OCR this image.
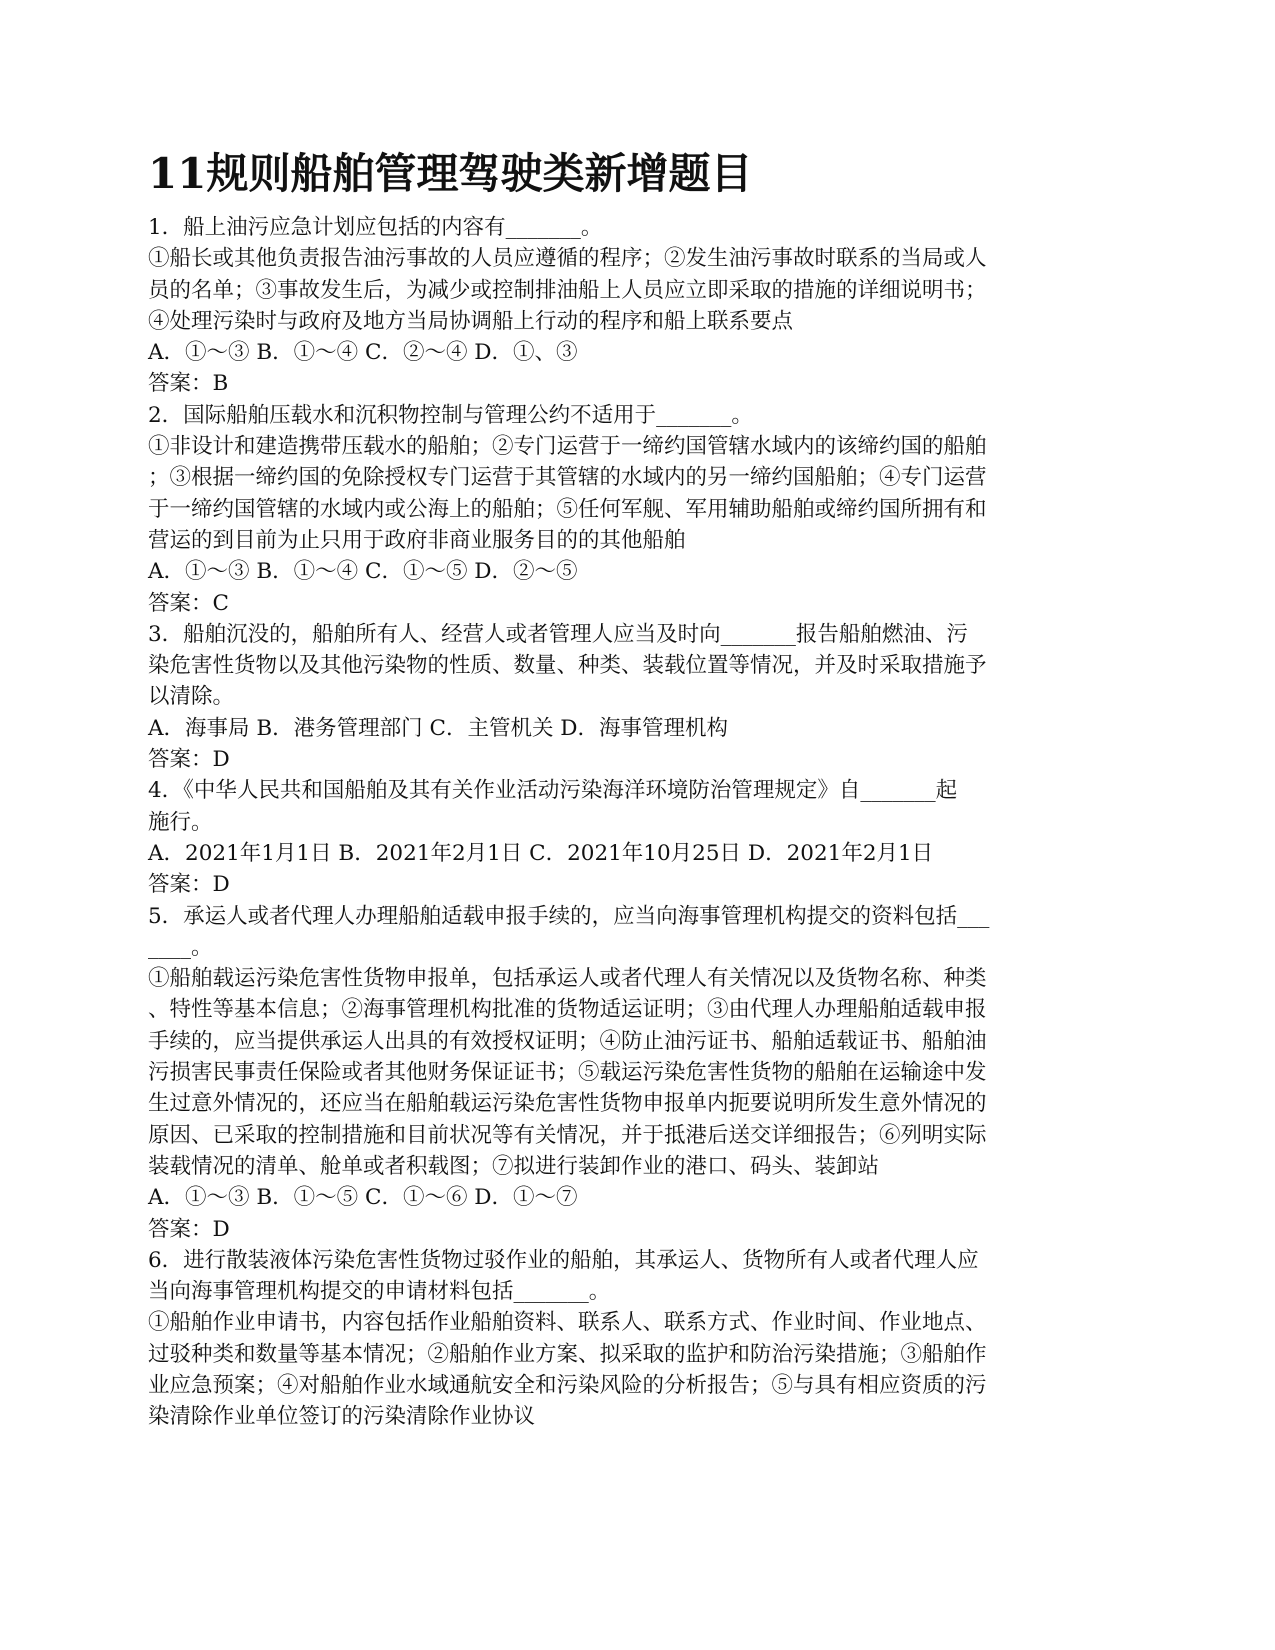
11规则船舶管理驾驶类新增题目

1．船上油污应急计划应包括的内容有_______。

①船长或其他负责报告油污事故的人员应遵循的程序；②发生油污事故时联系的当局或人

员的名单；③事故发生后，为减少或控制排油船上人员应立即采取的措施的详细说明书；

④处理污染时与政府及地方当局协调船上行动的程序和船上联系要点

A．①～③ B．①～④ C．②～④ D．①、③

答案：B

2．国际船舶压载水和沉积物控制与管理公约不适用于_______。

①非设计和建造携带压载水的船舶；②专门运营于一缔约国管辖水域内的该缔约国的船舶

；③根据一缔约国的免除授权专门运营于其管辖的水域内的另一缔约国船舶；④专门运营

于一缔约国管辖的水域内或公海上的船舶；⑤任何军舰、军用辅助船舶或缔约国所拥有和

营运的到目前为止只用于政府非商业服务目的的其他船舶

A．①～③ B．①～④ C．①～⑤ D．②～⑤

答案：C

3．船舶沉没的，船舶所有人、经营人或者管理人应当及时向_______报告船舶燃油、污

染危害性货物以及其他污染物的性质、数量、种类、装载位置等情况，并及时采取措施予

以清除。

A．海事局 B．港务管理部门 C．主管机关 D．海事管理机构

答案：D

4．《中华人民共和国船舶及其有关作业活动污染海洋环境防治管理规定》自_______起

施行。

A．2021年1月1日 B．2021年2月1日 C．2021年10月25日 D．2021年2月1日

答案：D

5．承运人或者代理人办理船舶适载申报手续的，应当向海事管理机构提交的资料包括___

____。

①船舶载运污染危害性货物申报单，包括承运人或者代理人有关情况以及货物名称、种类

、特性等基本信息；②海事管理机构批准的货物适运证明；③由代理人办理船舶适载申报

手续的，应当提供承运人出具的有效授权证明；④防止油污证书、船舶适载证书、船舶油

污损害民事责任保险或者其他财务保证证书；⑤载运污染危害性货物的船舶在运输途中发

生过意外情况的，还应当在船舶载运污染危害性货物申报单内扼要说明所发生意外情况的

原因、已采取的控制措施和目前状况等有关情况，并于抵港后送交详细报告；⑥列明实际

装载情况的清单、舱单或者积载图；⑦拟进行装卸作业的港口、码头、装卸站

A．①～③ B．①～⑤ C．①～⑥ D．①～⑦

答案：D

6．进行散装液体污染危害性货物过驳作业的船舶，其承运人、货物所有人或者代理人应

当向海事管理机构提交的申请材料包括_______。

①船舶作业申请书，内容包括作业船舶资料、联系人、联系方式、作业时间、作业地点、

过驳种类和数量等基本情况；②船舶作业方案、拟采取的监护和防治污染措施；③船舶作

业应急预案；④对船舶作业水域通航安全和污染风险的分析报告；⑤与具有相应资质的污

染清除作业单位签订的污染清除作业协议
